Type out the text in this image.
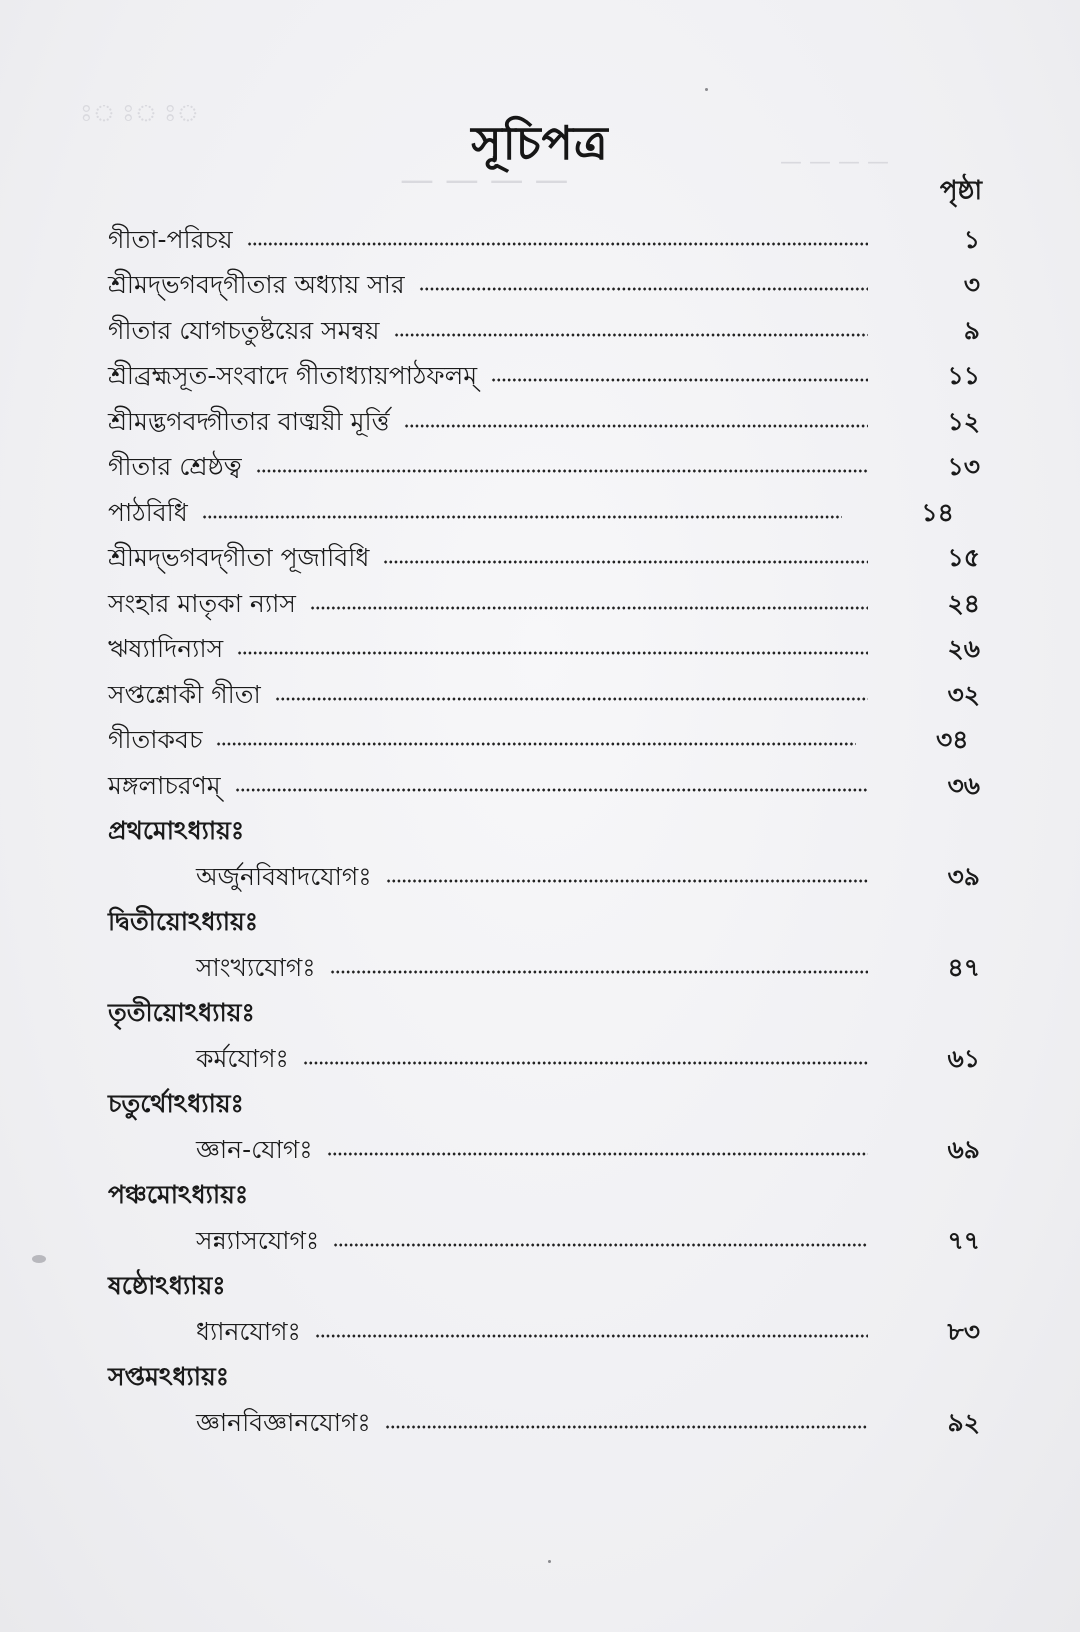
ঃ ঃ ঃ
— — — —	— — — —
সূচিপত্র
পৃষ্ঠা
গীতা-পরিচয়	১
শ্রীমদ্‌ভগবদ্‌গীতার অধ্যায় সার	৩
গীতার যোগচতুষ্টয়ের সমন্বয়	৯
শ্রীব্রহ্মসূত-সংবাদে গীতাধ্যায়পাঠফলম্‌	১১
শ্রীমদ্ভগবদ্গীতার বাঙ্ময়ী মূর্ত্তি	১২
গীতার শ্রেষ্ঠত্ব	১৩
পাঠবিধি	১৪
শ্রীমদ্‌ভগবদ্‌গীতা পূজাবিধি	১৫
সংহার মাতৃকা ন্যাস	২৪
ঋষ্যাদিন্যাস	২৬
সপ্তশ্লোকী গীতা	৩২
গীতাকবচ	৩৪
মঙ্গলাচরণম্‌	৩৬
প্রথমোঽধ্যায়ঃ
অর্জুনবিষাদযোগঃ	৩৯
দ্বিতীয়োঽধ্যায়ঃ
সাংখ্যযোগঃ	৪৭
তৃতীয়োঽধ্যায়ঃ
কর্মযোগঃ	৬১
চতুর্থোঽধ্যায়ঃ
জ্ঞান-যোগঃ	৬৯
পঞ্চমোঽধ্যায়ঃ
সন্ন্যাসযোগঃ	৭৭
ষষ্ঠোঽধ্যায়ঃ
ধ্যানযোগঃ	৮৩
সপ্তমঽধ্যায়ঃ
জ্ঞানবিজ্ঞানযোগঃ	৯২
